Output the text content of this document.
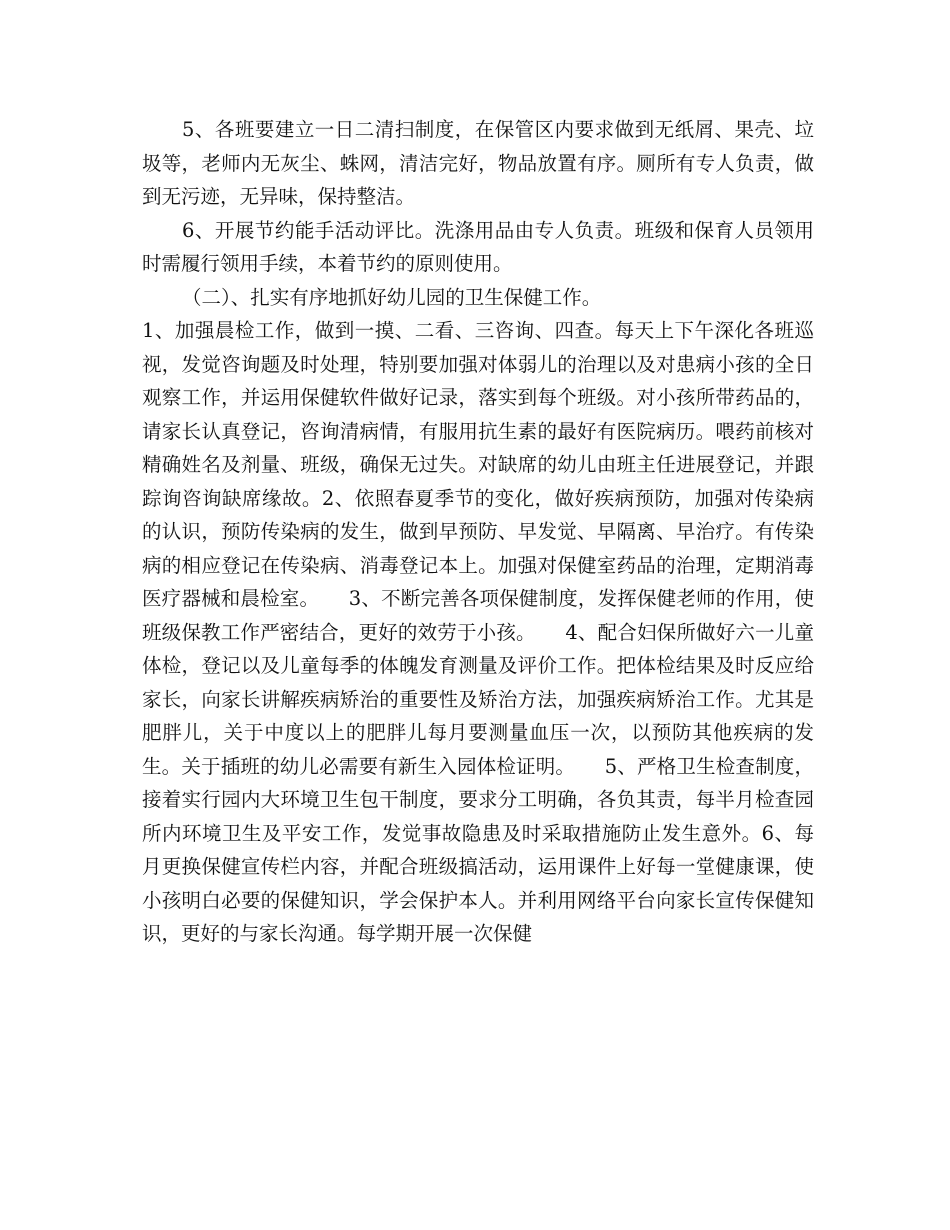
5、各班要建立一日二清扫制度，在保管区内要求做到无纸屑、果壳、垃圾等，老师内无灰尘、蛛网，清洁完好，物品放置有序。厕所有专人负责，做到无污迹，无异味，保持整洁。

6、开展节约能手活动评比。洗涤用品由专人负责。班级和保育人员领用时需履行领用手续，本着节约的原则使用。

（二）、扎实有序地抓好幼儿园的卫生保健工作。

1、加强晨检工作，做到一摸、二看、三咨询、四查。每天上下午深化各班巡视，发觉咨询题及时处理，特别要加强对体弱儿的治理以及对患病小孩的全日观察工作，并运用保健软件做好记录，落实到每个班级。对小孩所带药品的，请家长认真登记，咨询清病情，有服用抗生素的最好有医院病历。喂药前核对精确姓名及剂量、班级，确保无过失。对缺席的幼儿由班主任进展登记，并跟踪询咨询缺席缘故。2、依照春夏季节的变化，做好疾病预防，加强对传染病的认识，预防传染病的发生，做到早预防、早发觉、早隔离、早治疗。有传染病的相应登记在传染病、消毒登记本上。加强对保健室药品的治理，定期消毒医疗器械和晨检室。　　3、不断完善各项保健制度，发挥保健老师的作用，使班级保教工作严密结合，更好的效劳于小孩。　　4、配合妇保所做好六一儿童体检，登记以及儿童每季的体魄发育测量及评价工作。把体检结果及时反应给家长，向家长讲解疾病矫治的重要性及矫治方法，加强疾病矫治工作。尤其是肥胖儿，关于中度以上的肥胖儿每月要测量血压一次，以预防其他疾病的发生。关于插班的幼儿必需要有新生入园体检证明。　　5、严格卫生检查制度，接着实行园内大环境卫生包干制度，要求分工明确，各负其责，每半月检查园所内环境卫生及平安工作，发觉事故隐患及时采取措施防止发生意外。6、每月更换保健宣传栏内容，并配合班级搞活动，运用课件上好每一堂健康课，使小孩明白必要的保健知识，学会保护本人。并利用网络平台向家长宣传保健知识，更好的与家长沟通。每学期开展一次保健
